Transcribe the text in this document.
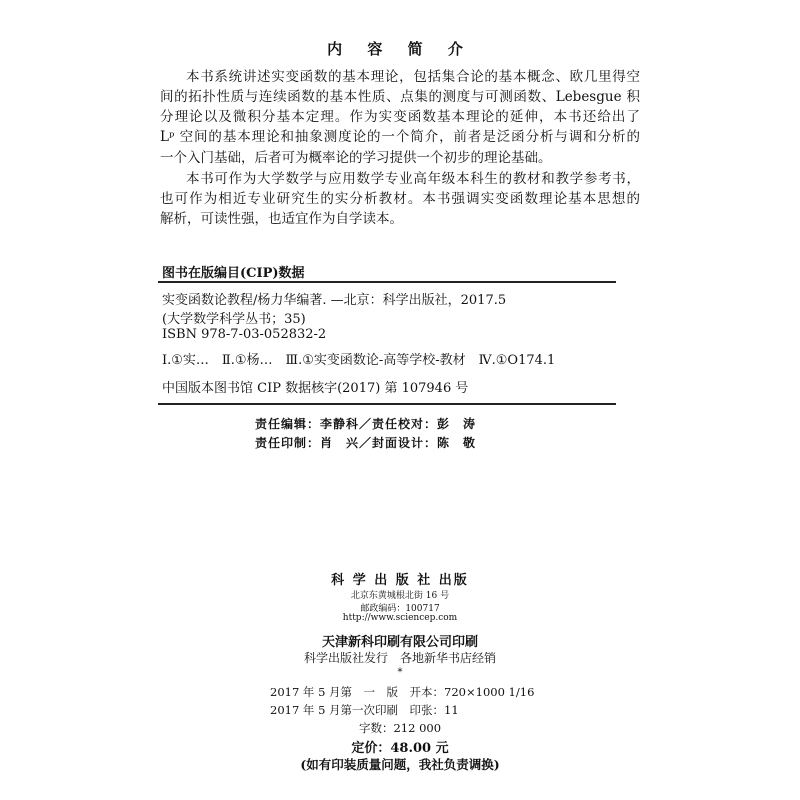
内 容 简 介
本书系统讲述实变函数的基本理论，包括集合论的基本概念、欧几里得空
间的拓扑性质与连续函数的基本性质、点集的测度与可测函数、Lebesgue 积
分理论以及微积分基本定理。作为实变函数基本理论的延伸，本书还给出了
Lᵖ 空间的基本理论和抽象测度论的一个简介，前者是泛函分析与调和分析的
一个入门基础，后者可为概率论的学习提供一个初步的理论基础。
本书可作为大学数学与应用数学专业高年级本科生的教材和教学参考书，
也可作为相近专业研究生的实分析教材。本书强调实变函数理论基本思想的
解析，可读性强，也适宜作为自学读本。
图书在版编目(CIP)数据
实变函数论教程/杨力华编著. —北京：科学出版社，2017.5
(大学数学科学丛书；35)
ISBN 978-7-03-052832-2
Ⅰ.①实…　Ⅱ.①杨…　Ⅲ.①实变函数论-高等学校-教材　Ⅳ.①O174.1
中国版本图书馆 CIP 数据核字(2017) 第 107946 号
责任编辑：李静科／责任校对：彭　涛
责任印制：肖　兴／封面设计：陈　敬
科 学 出 版 社 出版
北京东黄城根北街 16 号
邮政编码：100717
http://www.sciencep.com
天津新科印刷有限公司印刷
科学出版社发行　各地新华书店经销
*
2017 年 5 月第　一　版　开本：720×1000 1/16
2017 年 5 月第一次印刷　印张：11
字数：212 000
定价：48.00 元
(如有印装质量问题，我社负责调换)
